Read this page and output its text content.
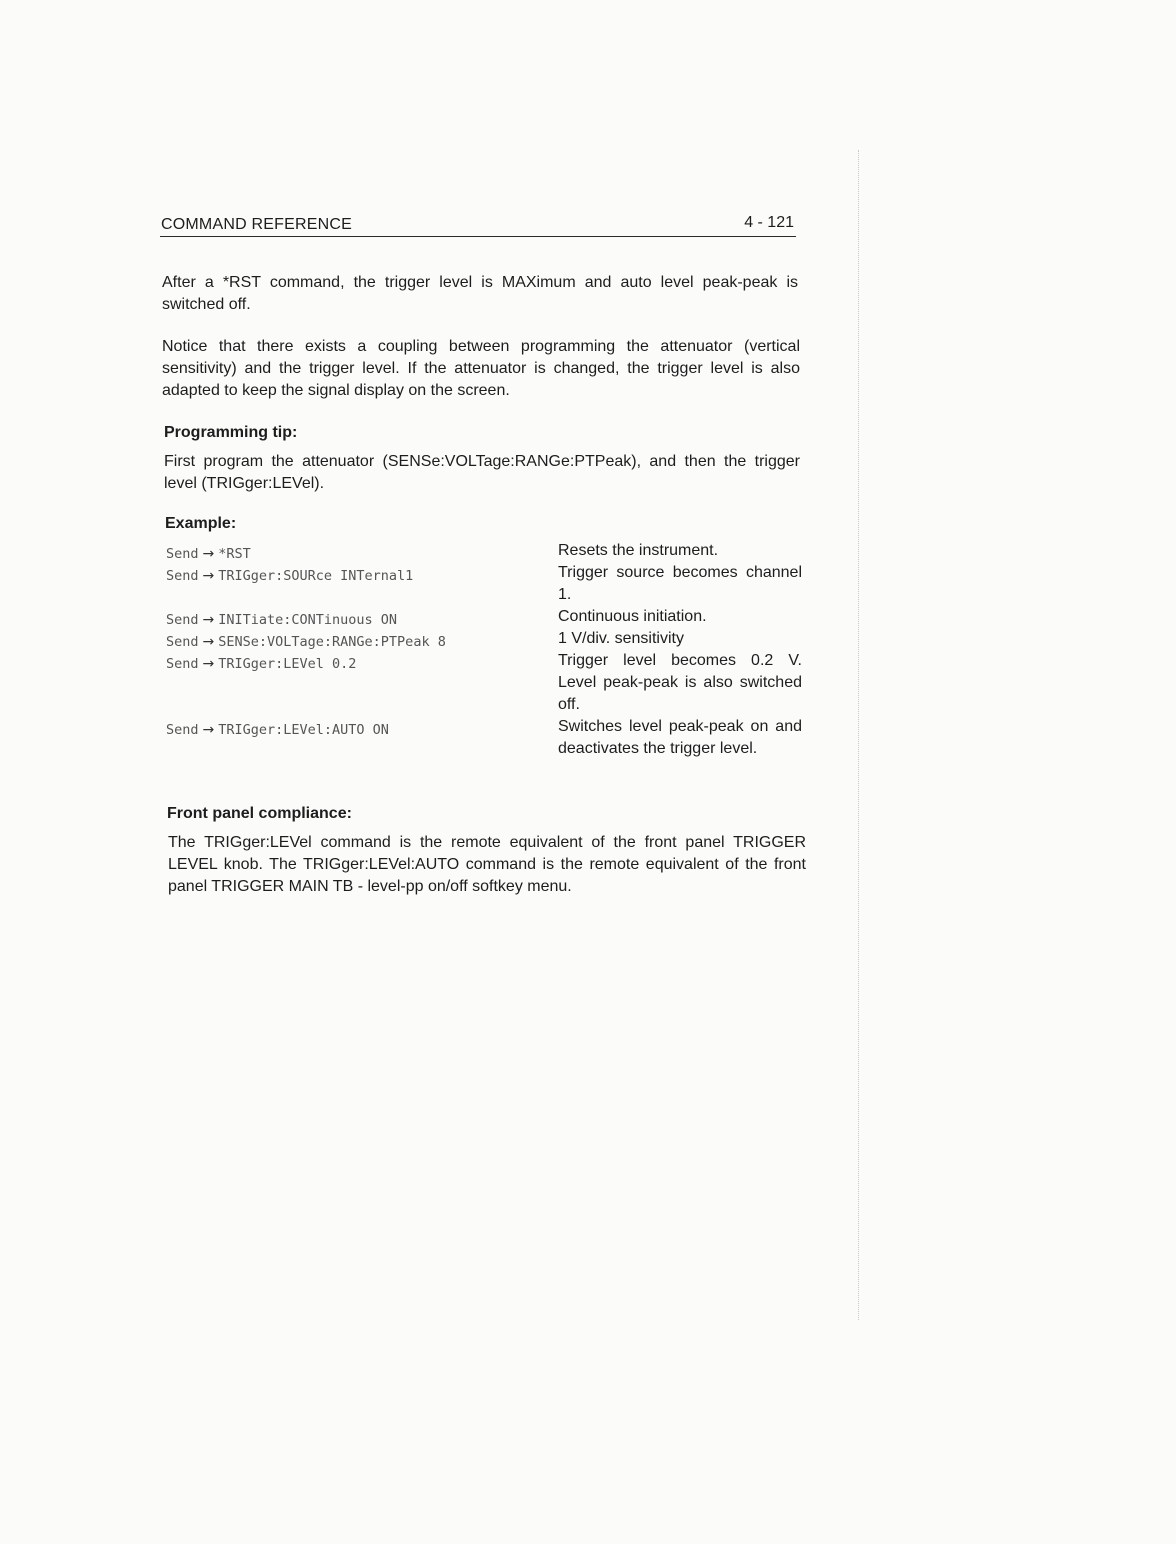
COMMAND REFERENCE	4 - 121

After a *RST command, the trigger level is MAXimum and auto level peak-peak is switched off.

Notice that there exists a coupling between programming the attenuator (vertical sensitivity) and the trigger level. If the attenuator is changed, the trigger level is also adapted to keep the signal display on the screen.

Programming tip:

First program the attenuator (SENSe:VOLTage:RANGe:PTPeak), and then the trigger level (TRIGger:LEVel).

Example:
Send → *RST
Send → TRIGger:SOURce INTernal1
Send → INITiate:CONTinuous ON
Send → SENSe:VOLTage:RANGe:PTPeak 8
Send → TRIGger:LEVel 0.2
Send → TRIGger:LEVel:AUTO ON

Resets the instrument.

Trigger source becomes channel 1.

Continuous initiation.

1 V/div. sensitivity

Trigger level becomes 0.2 V. Level peak-peak is also switched off.

Switches level peak-peak on and deactivates the trigger level.

Front panel compliance:

The TRIGger:LEVel command is the remote equivalent of the front panel TRIGGER LEVEL knob. The TRIGger:LEVel:AUTO command is the remote equivalent of the front panel TRIGGER MAIN TB - level-pp on/off softkey menu.
